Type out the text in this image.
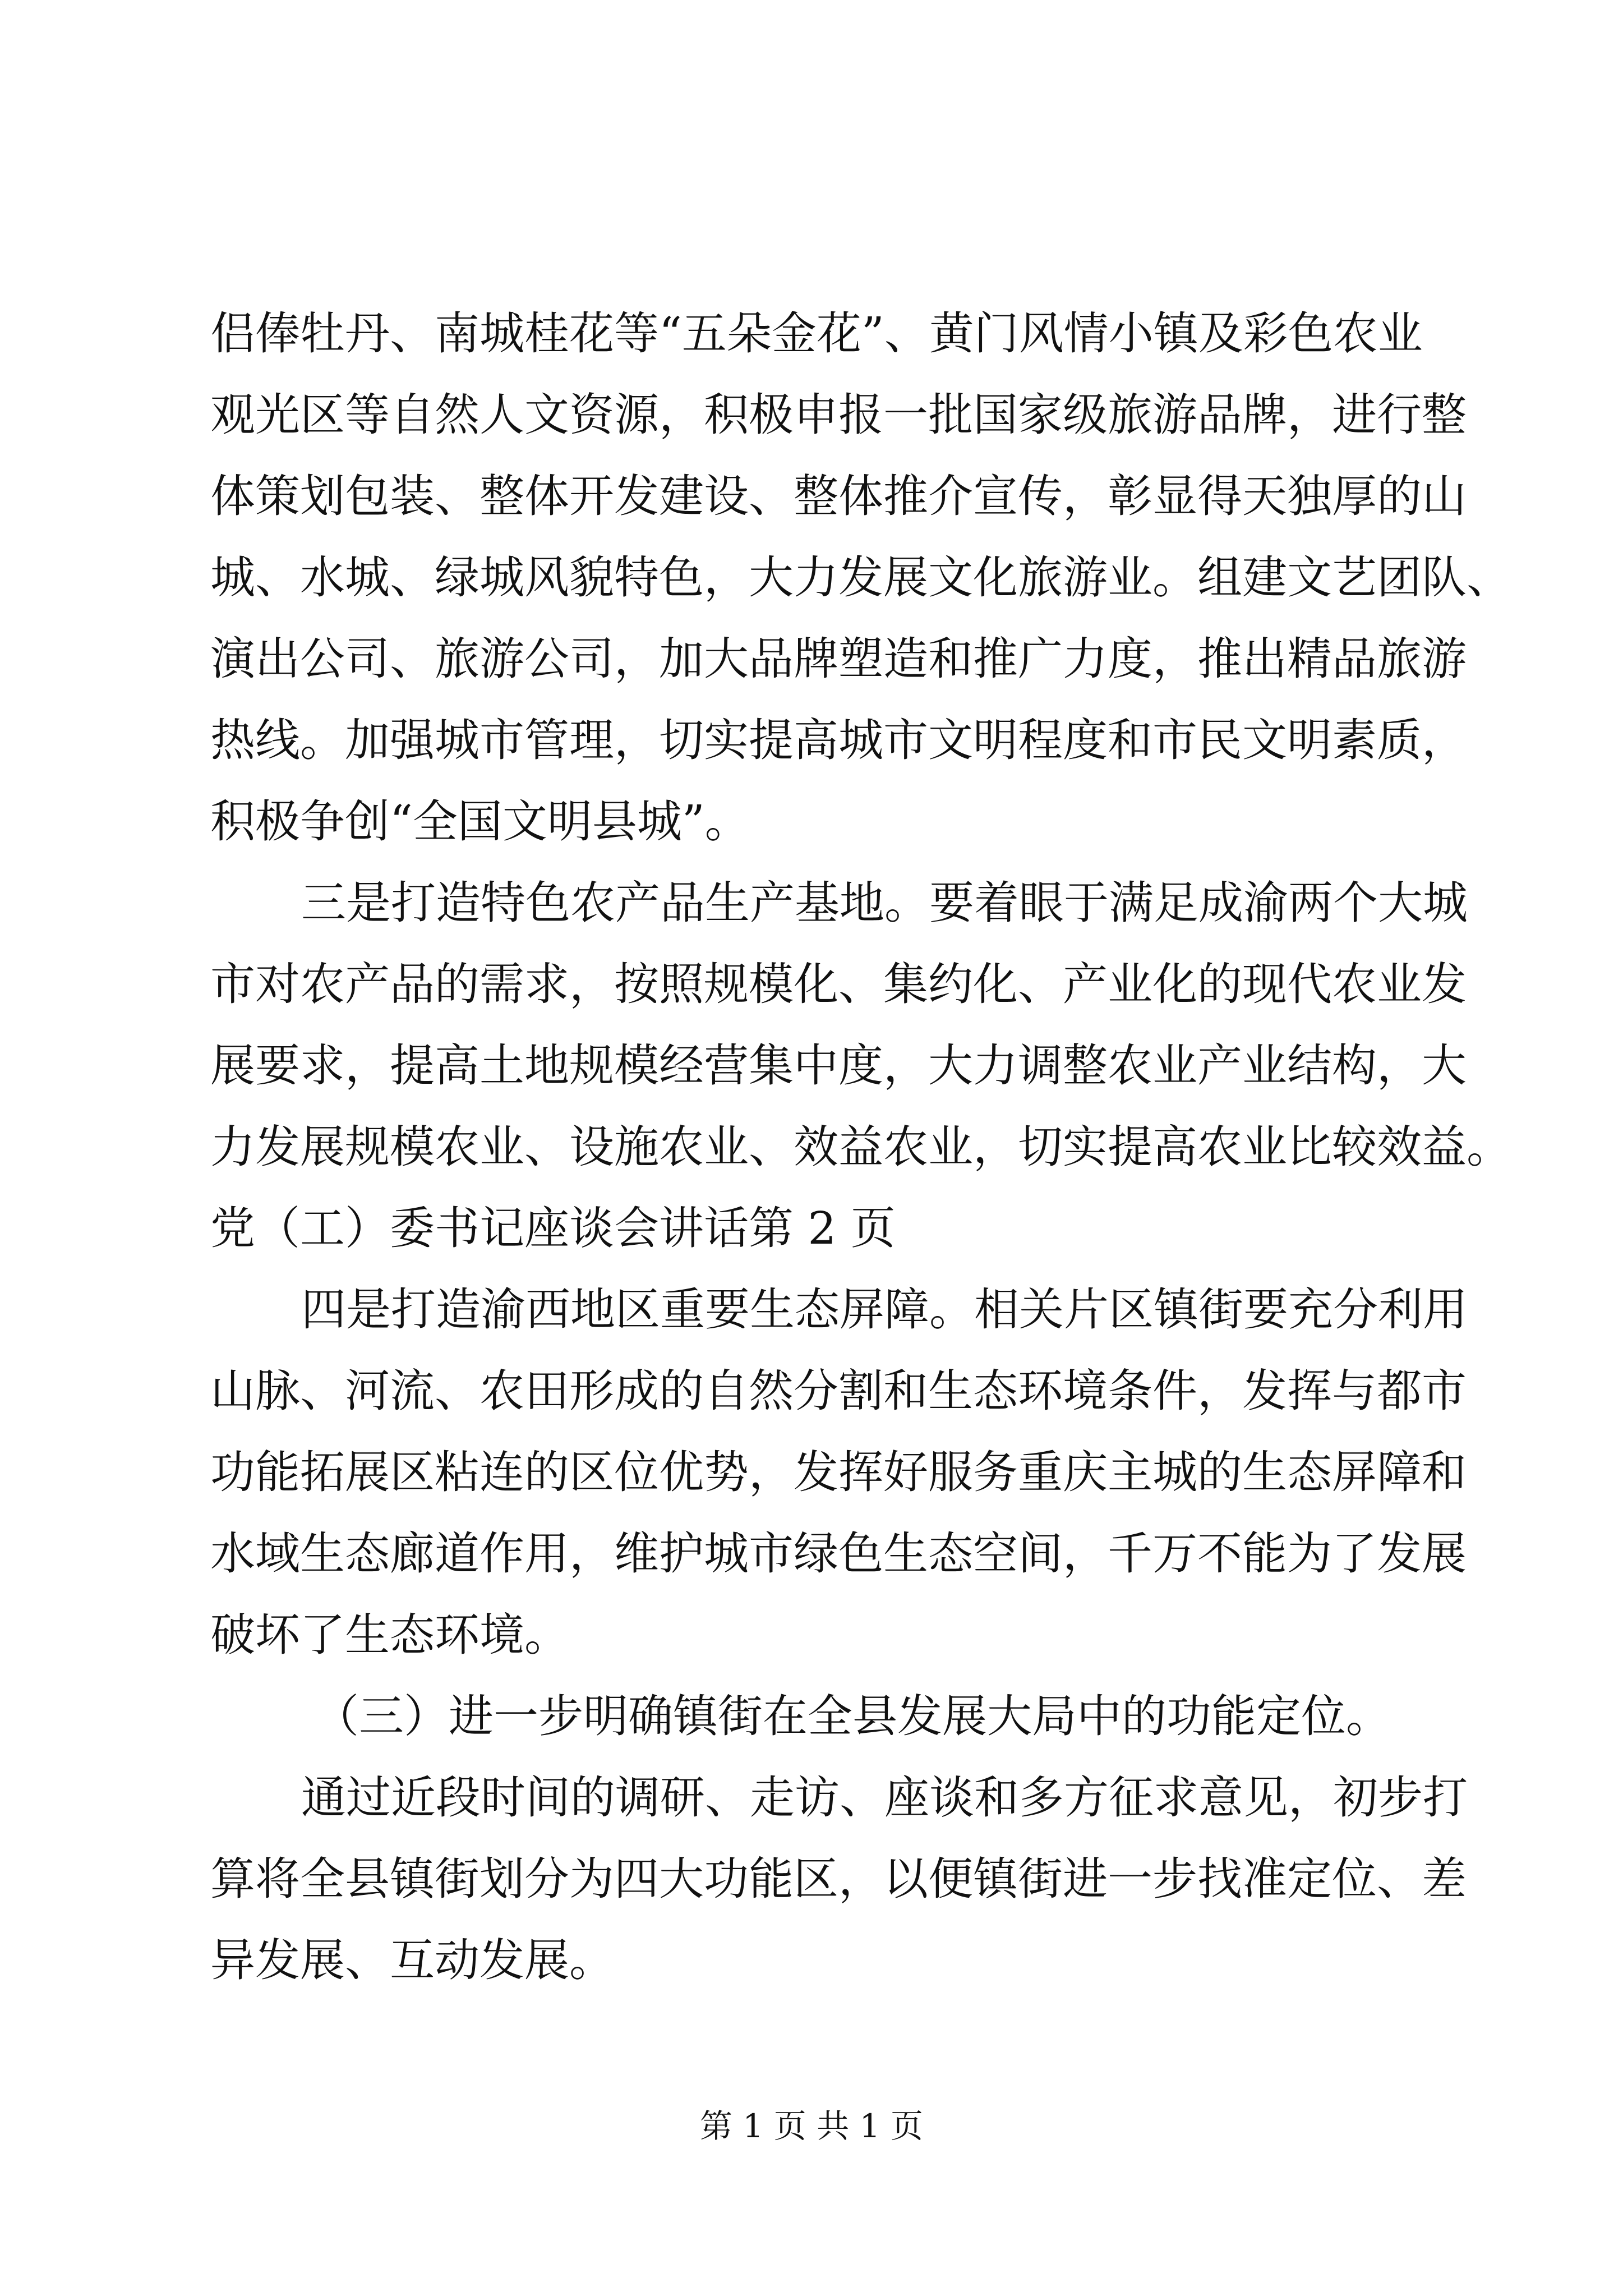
侣俸牡丹、南城桂花等“五朵金花”、黄门风情小镇及彩色农业
观光区等自然人文资源，积极申报一批国家级旅游品牌，进行整
体策划包装、整体开发建设、整体推介宣传，彰显得天独厚的山
城、水城、绿城风貌特色，大力发展文化旅游业。组建文艺团队、
演出公司、旅游公司，加大品牌塑造和推广力度，推出精品旅游
热线。加强城市管理，切实提高城市文明程度和市民文明素质，
积极争创“全国文明县城”。
三是打造特色农产品生产基地。要着眼于满足成渝两个大城
市对农产品的需求，按照规模化、集约化、产业化的现代农业发
展要求，提高土地规模经营集中度，大力调整农业产业结构，大
力发展规模农业、设施农业、效益农业，切实提高农业比较效益。
党（工）委书记座谈会讲话第 2 页
四是打造渝西地区重要生态屏障。相关片区镇街要充分利用
山脉、河流、农田形成的自然分割和生态环境条件，发挥与都市
功能拓展区粘连的区位优势，发挥好服务重庆主城的生态屏障和
水域生态廊道作用，维护城市绿色生态空间，千万不能为了发展
破坏了生态环境。
（三）进一步明确镇街在全县发展大局中的功能定位。
通过近段时间的调研、走访、座谈和多方征求意见，初步打
算将全县镇街划分为四大功能区，以便镇街进一步找准定位、差
异发展、互动发展。
第 1 页 共 1 页
